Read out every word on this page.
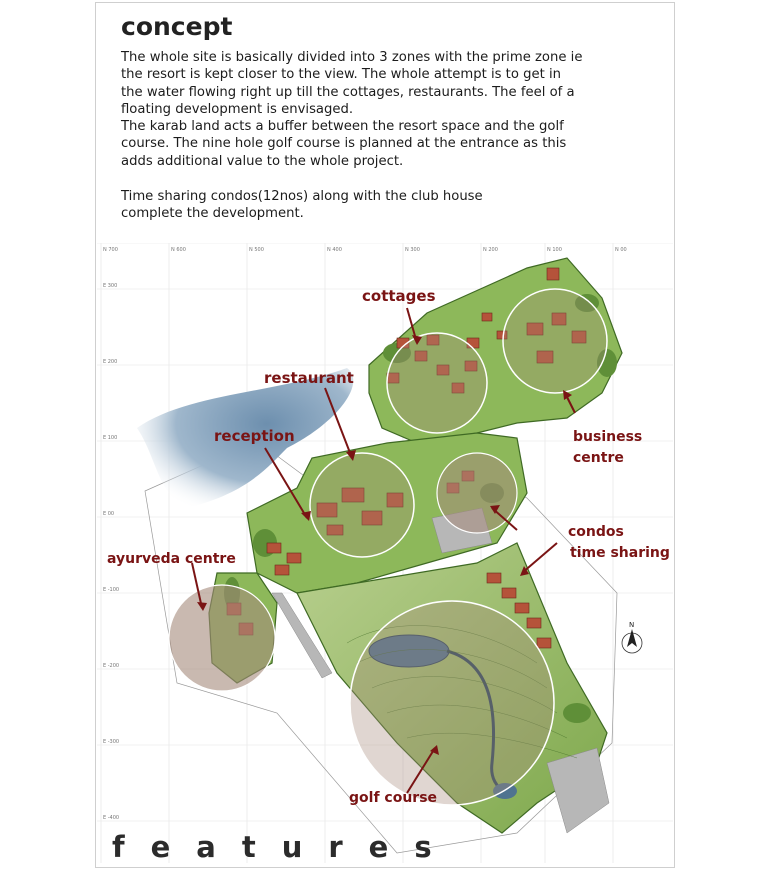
concept
The whole site is basically divided into 3 zones with the prime zone ie
the resort is kept closer to the view. The whole attempt is to get in
the water flowing right up till the cottages, restaurants. The feel of a
floating development is envisaged.
The karab land acts a buffer between the resort space and the golf
course. The nine hole golf course is planned at the entrance as this
adds additional value to the whole project.
Time sharing condos(12nos) along with the club house
complete the development.
N 700	N 600	N 500	N 400	N 300	N 200	N 100	N 00
E 300
E 200
E 100
E 00
E -100
E -200
E -300
E -400
cottages
restaurant
reception	business
centre
condos
time sharing
ayurveda centre
golf course
N
features
